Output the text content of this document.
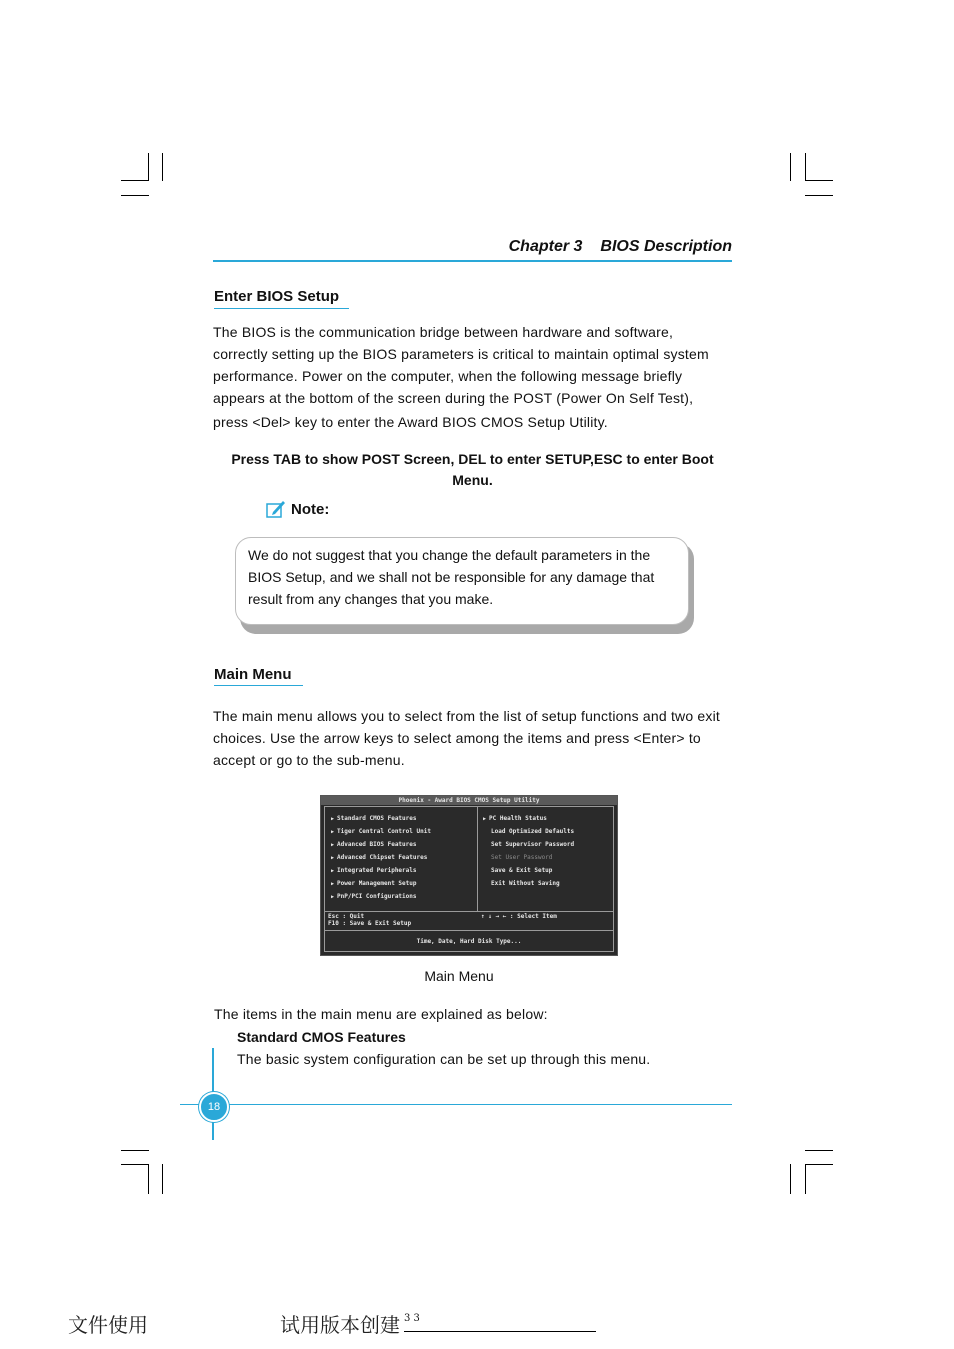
Chapter 3 BIOS Description
Enter BIOS Setup
The BIOS is the communication bridge between hardware and software,
correctly setting up the BIOS parameters is critical to maintain optimal system
performance. Power on the computer, when the following message briefly
appears at the bottom of the screen during the POST (Power On Self Test),
press <Del> key to enter the Award BIOS CMOS Setup Utility.
Press TAB to show POST Screen, DEL to enter SETUP,ESC to enter Boot
Menu.
Note:
We do not suggest that you change the default parameters in the
BIOS Setup, and we shall not be responsible for any damage that
result from any changes that you make.
Main Menu
The main menu allows you to select from the list of setup functions and two exit
choices. Use the arrow keys to select among the items and press <Enter> to
accept or go to the sub-menu.
Phoenix - Award BIOS CMOS Setup Utility
▶ Standard CMOS Features
▶ Tiger Central Control Unit
▶ Advanced BIOS Features
▶ Advanced Chipset Features
▶ Integrated Peripherals
▶ Power Management Setup
▶ PnP/PCI Configurations
▶ PC Health Status
Load Optimized Defaults
Set Supervisor Password
Set User Password
Save & Exit Setup
Exit Without Saving
Esc : Quit
F10 : Save & Exit Setup
↑ ↓ → ← : Select Item
Time, Date, Hard Disk Type...
Main Menu
The items in the main menu are explained as below:
Standard CMOS Features
The basic system configuration can be set up through this menu.
18
文件使用	试用版本创建 3 3
